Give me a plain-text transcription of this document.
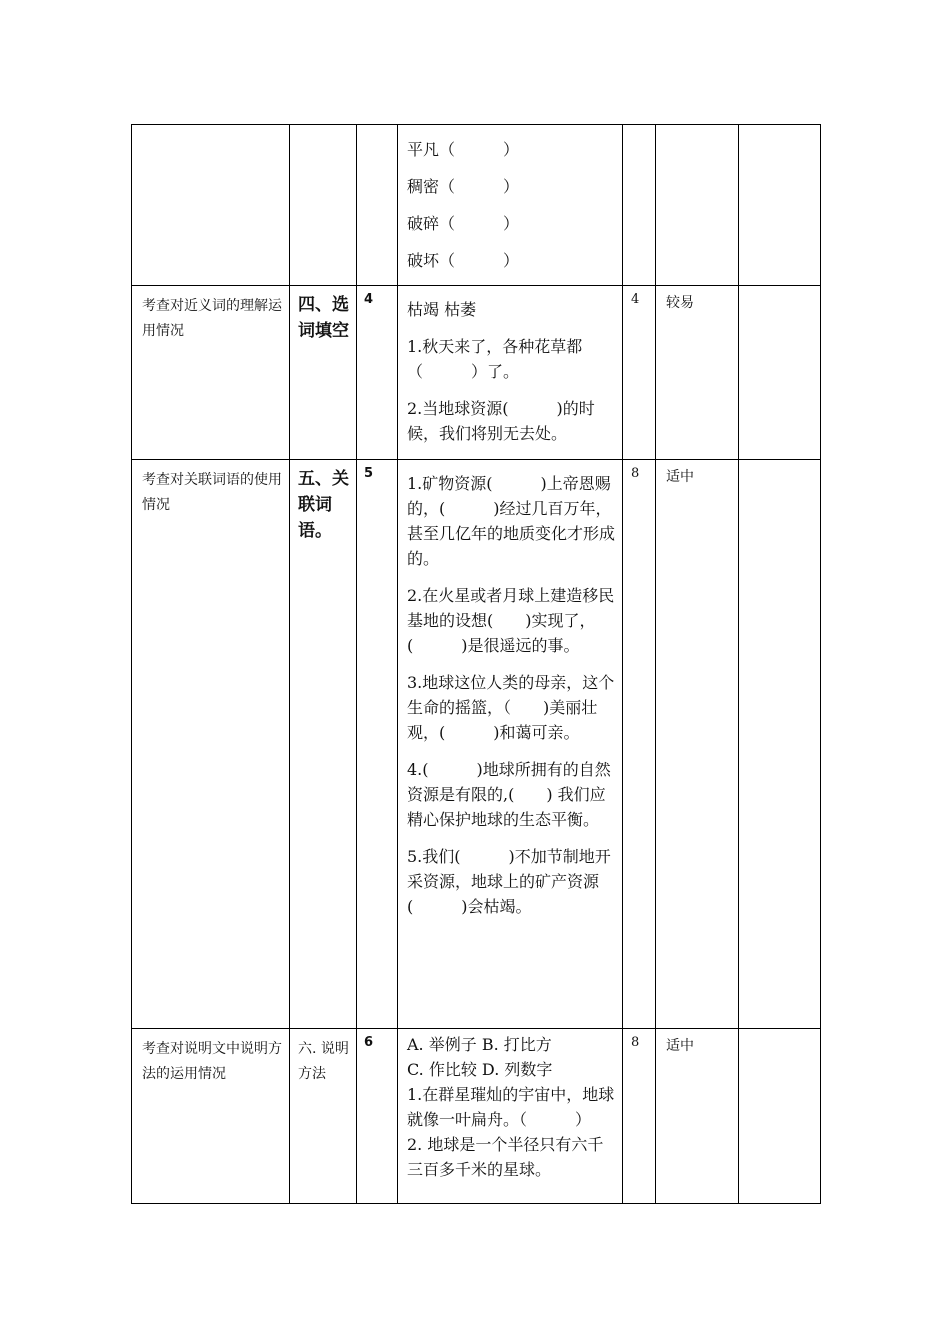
			平凡（　　　）

稠密（　　　）

破碎（　　　）

破坏（　　　）			

考查对近义词的理解运用情况	四、选词填空	4	枯竭 枯萎

1.秋天来了，各种花草都（　　　）了。

2.当地球资源(　　　)的时候，我们将别无去处。	4	较易	
考查对关联词语的使用情况	五、关联词语。	5	1.矿物资源(　　　)上帝恩赐的，(　　　)经过几百万年，甚至几亿年的地质变化才形成的。

2.在火星或者月球上建造移民基地的设想(　　)实现了，(　　　)是很遥远的事。

3.地球这位人类的母亲，这个生命的摇篮，（　　)美丽壮观，(　　　)和蔼可亲。

4.(　　　)地球所拥有的自然资源是有限的,(　　) 我们应精心保护地球的生态平衡。

5.我们(　　　)不加节制地开采资源，地球上的矿产资源(　　　)会枯竭。	8	适中	
考查对说明文中说明方法的运用情况	六. 说明方法	6	A. 举例子 B. 打比方

C. 作比较 D. 列数字

1.在群星璀灿的宇宙中，地球就像一叶扁舟。（　　　）

2. 地球是一个半径只有六千三百多千米的星球。	8	适中	
